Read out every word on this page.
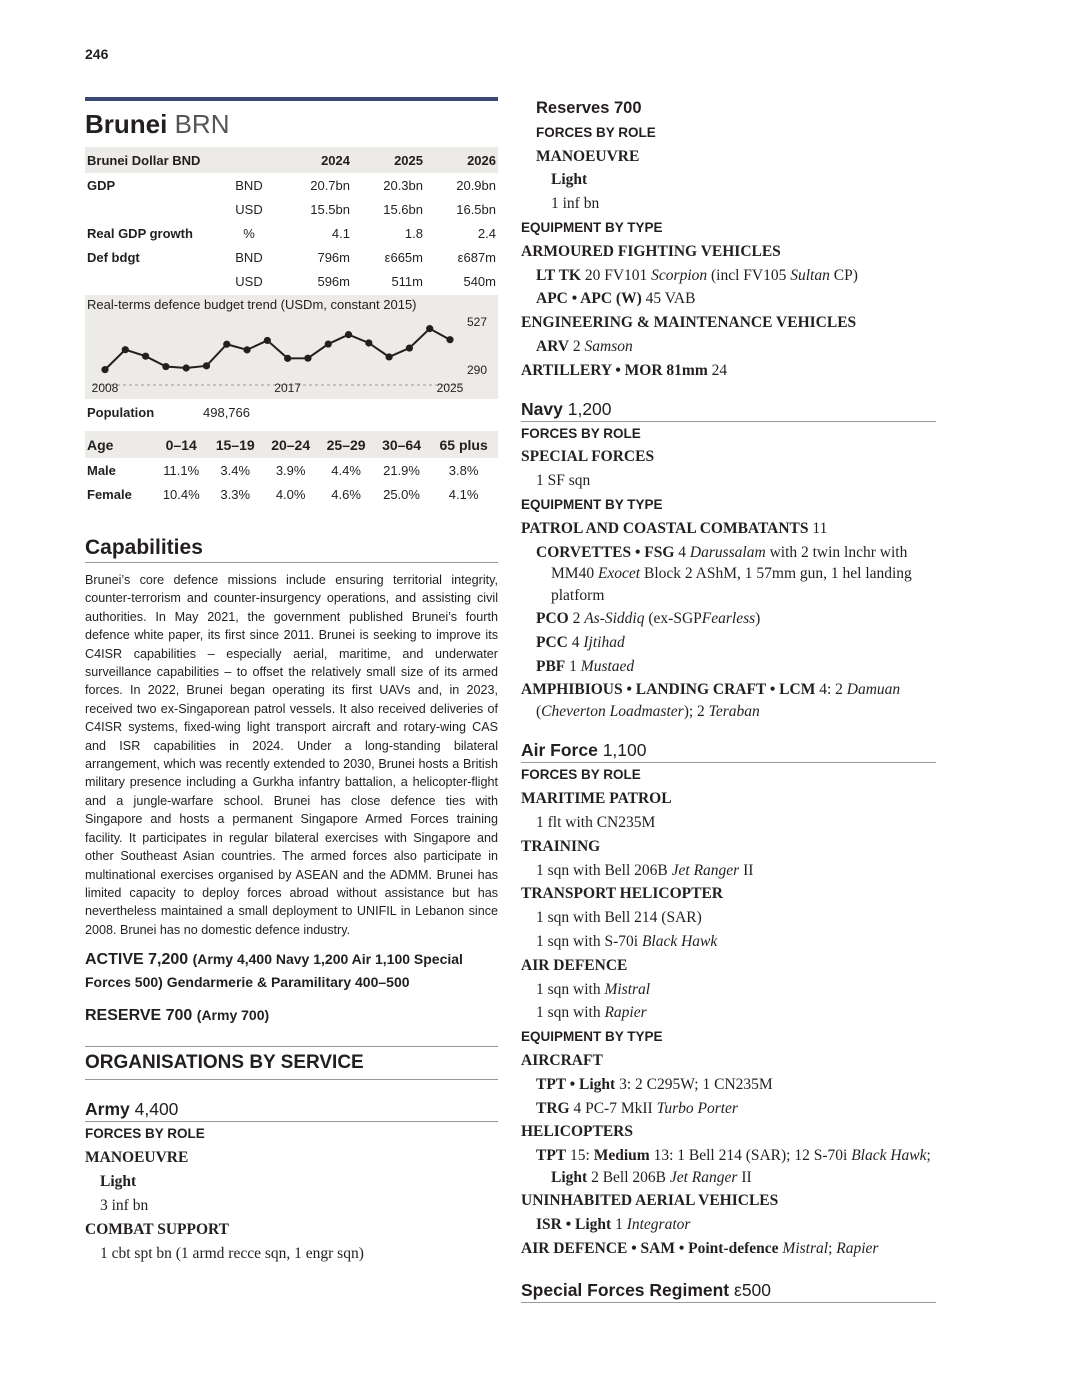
246
Brunei BRN
Brunei Dollar BND		2024	2025	2026
GDP	BND	20.7bn	20.3bn	20.9bn
	USD	15.5bn	15.6bn	16.5bn
Real GDP growth	%	4.1	1.8	2.4
Def bdgt	BND	796m	ε665m	ε687m
	USD	596m	511m	540m
Real-terms defence budget trend (USDm, constant 2015)
527
290
2008	2017	2025
Population	498,766
Age	0–14	15–19	20–24	25–29	30–64	65 plus
Male	11.1%	3.4%	3.9%	4.4%	21.9%	3.8%
Female	10.4%	3.3%	4.0%	4.6%	25.0%	4.1%
Capabilities

Brunei’s core defence missions include ensuring territorial integrity, counter-terrorism and counter-insurgency operations, and assisting civil authorities. In May 2021, the government published Brunei’s fourth defence white paper, its first since 2011. Brunei is seeking to improve its C4ISR capabilities – especially aerial, maritime, and underwater surveillance capabilities – to offset the relatively small size of its armed forces. In 2022, Brunei began operating its first UAVs and, in 2023, received two ex-Singaporean patrol vessels. It also received deliveries of C4ISR systems, fixed-wing light transport aircraft and rotary-wing CAS and ISR capabilities in 2024. Under a long-standing bilateral arrangement, which was recently extended to 2030, Brunei hosts a British military presence including a Gurkha infantry battalion, a helicopter-flight and a jungle-warfare school. Brunei has close defence ties with Singapore and hosts a permanent Singapore Armed Forces training facility. It participates in regular bilateral exercises with Singapore and other Southeast Asian countries. The armed forces also participate in multinational exercises organised by ASEAN and the ADMM. Brunei has limited capacity to deploy forces abroad without assistance but has nevertheless maintained a small deployment to UNIFIL in Lebanon since 2008. Brunei has no domestic defence industry.

ACTIVE 7,200 (Army 4,400 Navy 1,200 Air 1,100 Special Forces 500) Gendarmerie & Paramilitary 400–500
RESERVE 700 (Army 700)
ORGANISATIONS BY SERVICE
Army 4,400
FORCES BY ROLE
MANOEUVRE
Light
3 inf bn
COMBAT SUPPORT
1 cbt spt bn (1 armd recce sqn, 1 engr sqn)
Reserves 700
FORCES BY ROLE
MANOEUVRE
Light
1 inf bn
EQUIPMENT BY TYPE
ARMOURED FIGHTING VEHICLES
LT TK 20 FV101 Scorpion (incl FV105 Sultan CP)
APC • APC (W) 45 VAB
ENGINEERING & MAINTENANCE VEHICLES
ARV 2 Samson
ARTILLERY • MOR 81mm 24
Navy 1,200
FORCES BY ROLE
SPECIAL FORCES
1 SF sqn
EQUIPMENT BY TYPE
PATROL AND COASTAL COMBATANTS 11
CORVETTES • FSG 4 Darussalam with 2 twin lnchr with MM40 Exocet Block 2 AShM, 1 57mm gun, 1 hel landing platform
PCO 2 As-Siddiq (ex-SGPFearless)
PCC 4 Ijtihad
PBF 1 Mustaed
AMPHIBIOUS • LANDING CRAFT • LCM 4: 2 Damuan (Cheverton Loadmaster); 2 Teraban
Air Force 1,100
FORCES BY ROLE
MARITIME PATROL
1 flt with CN235M
TRAINING
1 sqn with Bell 206B Jet Ranger II
TRANSPORT HELICOPTER
1 sqn with Bell 214 (SAR)
1 sqn with S-70i Black Hawk
AIR DEFENCE
1 sqn with Mistral
1 sqn with Rapier
EQUIPMENT BY TYPE
AIRCRAFT
TPT • Light 3: 2 C295W; 1 CN235M
TRG 4 PC-7 MkII Turbo Porter
HELICOPTERS
TPT 15: Medium 13: 1 Bell 214 (SAR); 12 S-70i Black Hawk; Light 2 Bell 206B Jet Ranger II
UNINHABITED AERIAL VEHICLES
ISR • Light 1 Integrator
AIR DEFENCE • SAM • Point-defence Mistral; Rapier
Special Forces Regiment ε500
